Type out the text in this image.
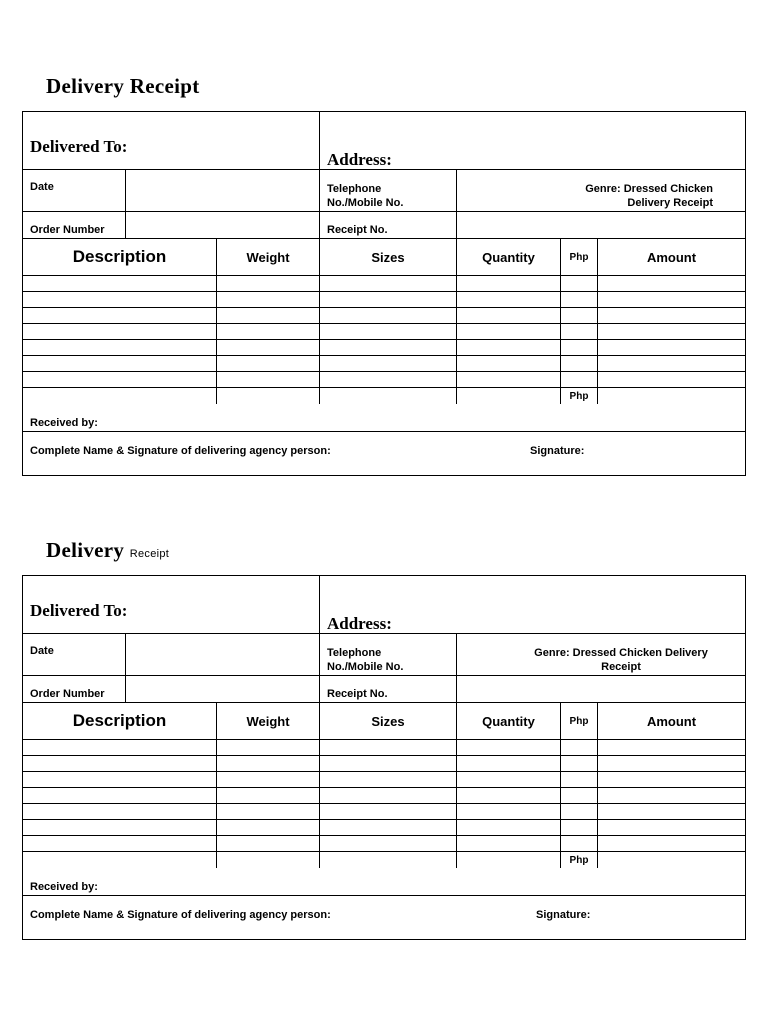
Delivery Receipt
Delivered To:
Address:
Date	Telephone
No./Mobile No.
Genre: Dressed Chicken
Delivery Receipt
Order Number	Receipt No.
Description	Weight	Sizes	Quantity	Php	Amount
Php
Received by:
Complete Name & Signature of delivering agency person:	Signature:
Delivery Receipt
Delivered To:
Address:
Date	Telephone
No./Mobile No.
Genre: Dressed Chicken Delivery
Receipt
Order Number	Receipt No.
Description	Weight	Sizes	Quantity	Php	Amount
Php
Received by:
Complete Name & Signature of delivering agency person:	Signature:
